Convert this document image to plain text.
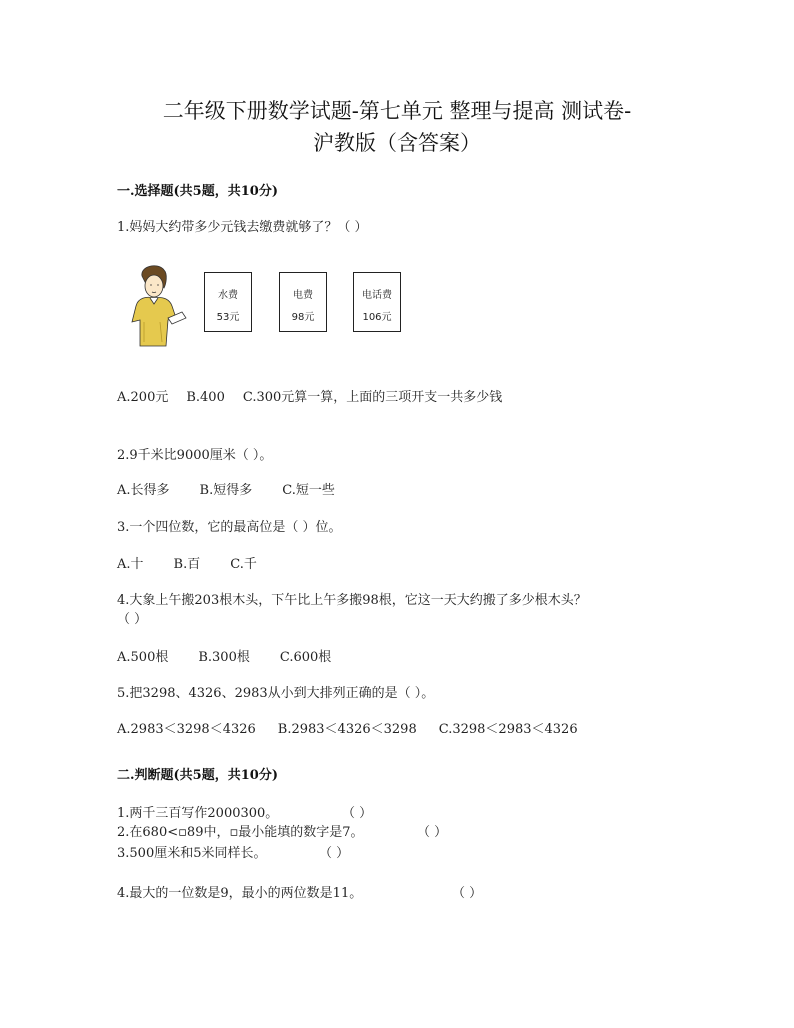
二年级下册数学试题-第七单元 整理与提高 测试卷-
沪教版（含答案）
一.选择题(共5题，共10分)
1.妈妈大约带多少元钱去缴费就够了？（ ）
水费
53元
电费
98元
电话费
106元
A.200元 B.400 C.300元算一算，上面的三项开支一共多少钱
2.9千米比9000厘米（ ）。
A.长得多 B.短得多 C.短一些
3.一个四位数，它的最高位是（ ）位。
A.十 B.百 C.千
4.大象上午搬203根木头，下午比上午多搬98根，它这一天大约搬了多少根木头？
（ ）
A.500根 B.300根 C.600根
5.把3298、4326、2983从小到大排列正确的是（ ）。
A.2983＜3298＜4326 B.2983＜4326＜3298 C.3298＜2983＜4326
二.判断题(共5题，共10分)
1.两千三百写作2000300。	（ ）
2.在680<▫89中，▫最小能填的数字是7。	（ ）
3.500厘米和5米同样长。	（ ）
4.最大的一位数是9，最小的两位数是11。	（ ）
